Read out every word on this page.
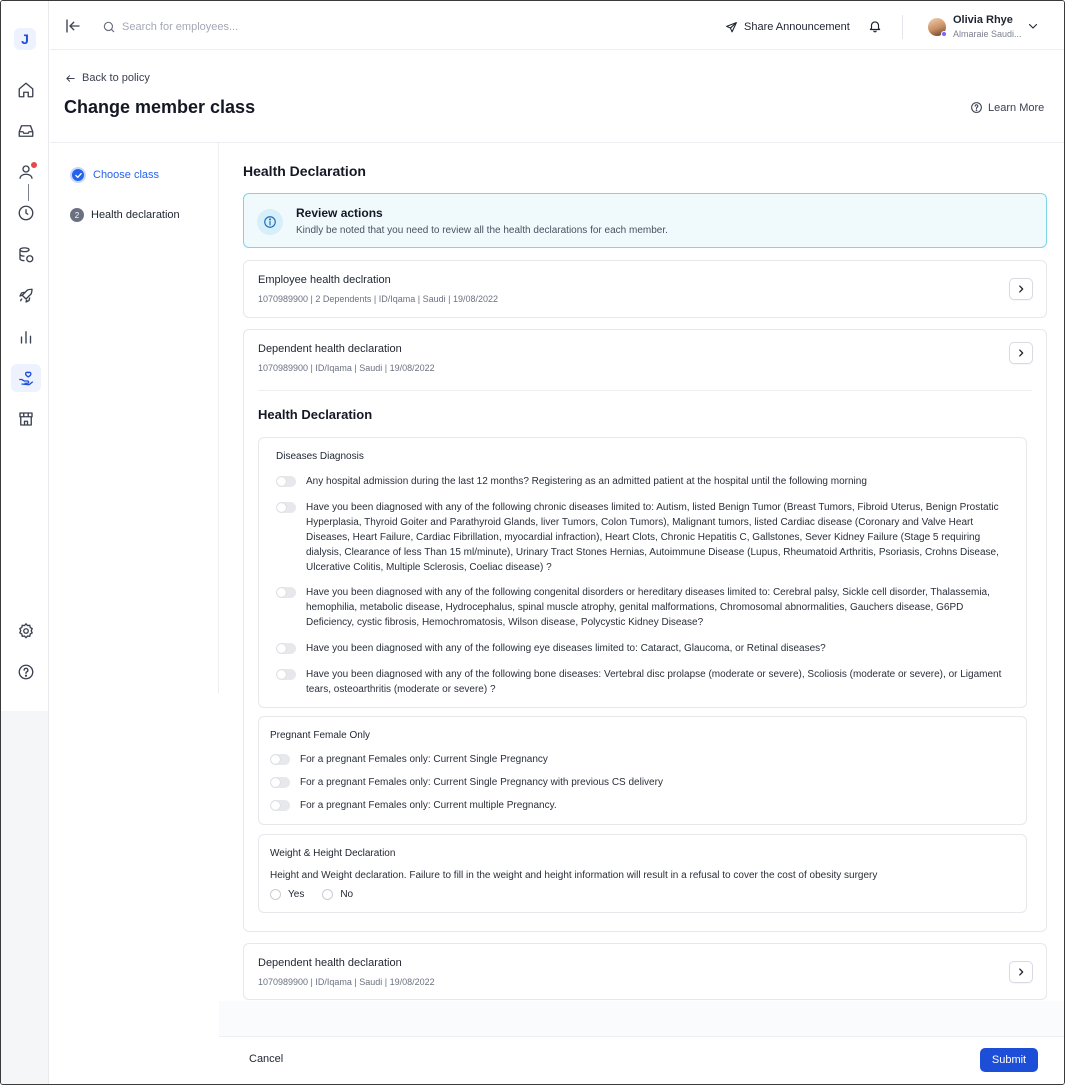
J
Search for employees...
Share Announcement
Olivia Rhye
Almaraie Saudi...
Back to policy
Change member class	Learn More
Choose class
2	Health declaration
Health Declaration
Review actions
Kindly be noted that you need to review all the health declarations for each member.
Employee health declration
1070989900 | 2 Dependents | ID/Iqama | Saudi | 19/08/2022
Dependent health declaration
1070989900 | ID/Iqama | Saudi | 19/08/2022
Health Declaration
Diseases Diagnosis
Any hospital admission during the last 12 months? Registering as an admitted patient at the hospital until the following morning
Have you been diagnosed with any of the following chronic diseases limited to: Autism, listed Benign Tumor (Breast Tumors, Fibroid Uterus, Benign Prostatic Hyperplasia, Thyroid Goiter and Parathyroid Glands, liver Tumors, Colon Tumors), Malignant tumors, listed Cardiac disease (Coronary and Valve Heart Diseases, Heart Failure, Cardiac Fibrillation, myocardial infraction), Heart Clots, Chronic Hepatitis C, Gallstones, Sever Kidney Failure (Stage 5 requiring dialysis, Clearance of less Than 15 ml/minute), Urinary Tract Stones Hernias, Autoimmune Disease (Lupus, Rheumatoid Arthritis, Psoriasis, Crohns Disease, Ulcerative Colitis, Multiple Sclerosis, Coeliac disease) ?
Have you been diagnosed with any of the following congenital disorders or hereditary diseases limited to: Cerebral palsy, Sickle cell disorder, Thalassemia, hemophilia, metabolic disease, Hydrocephalus, spinal muscle atrophy, genital malformations, Chromosomal abnormalities, Gauchers disease, G6PD Deficiency, cystic fibrosis, Hemochromatosis, Wilson disease, Polycystic Kidney Disease?
Have you been diagnosed with any of the following eye diseases limited to: Cataract, Glaucoma, or Retinal diseases?
Have you been diagnosed with any of the following bone diseases: Vertebral disc prolapse (moderate or severe), Scoliosis (moderate or severe), or Ligament tears, osteoarthritis (moderate or severe) ?
Pregnant Female Only
For a pregnant Females only: Current Single Pregnancy
For a pregnant Females only: Current Single Pregnancy with previous CS delivery
For a pregnant Females only: Current multiple Pregnancy.
Weight & Height Declaration
Height and Weight declaration. Failure to fill in the weight and height information will result in a refusal to cover the cost of obesity surgery
Yes	No
Dependent health declaration
1070989900 | ID/Iqama | Saudi | 19/08/2022
Cancel	Submit
